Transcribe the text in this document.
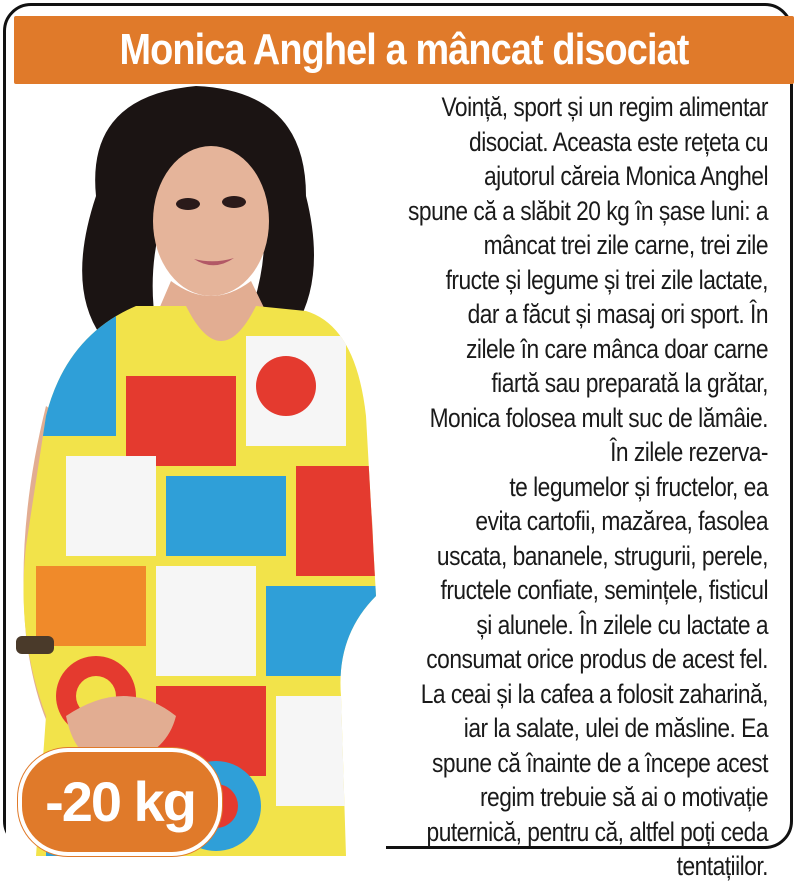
Monica Anghel a mâncat disociat
Voință, sport și un regim alimentar
disociat. Aceasta este rețeta cu
ajutorul căreia Monica Anghel
spune că a slăbit 20 kg în șase luni: a
mâncat trei zile carne, trei zile
fructe și legume și trei zile lactate,
dar a făcut și masaj ori sport. În
zilele în care mânca doar carne
fiartă sau preparată la grătar,
Monica folosea mult suc de lămâie.
În zilele rezerva-
te legumelor și fructelor, ea
evita cartofii, mazărea, fasolea
uscata, bananele, strugurii, perele,
fructele confiate, semințele, fisticul
și alunele. În zilele cu lactate a
consumat orice produs de acest fel.
La ceai și la cafea a folosit zaharină,
iar la salate, ulei de măsline. Ea
spune că înainte de a începe acest
regim trebuie să ai o motivație
puternică, pentru că, altfel poți ceda
tentațiilor.
-20 kg
